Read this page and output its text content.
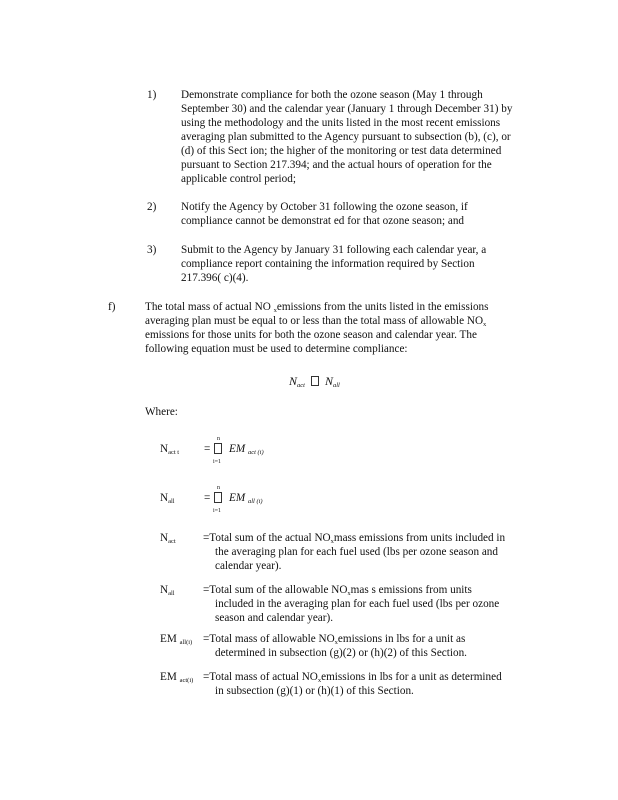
1) Demonstrate compliance for both the ozone season (May 1 through
September 30) and the calendar year (January 1 through December 31) by
using the methodology and the units listed in the most recent emissions
averaging plan submitted to the Agency pursuant to subsection (b), (c), or
(d) of this Sect ion; the higher of the monitoring or test data determined
pursuant to Section 217.394; and the actual hours of operation for the
applicable control period;
2) Notify the Agency by October 31 following the ozone season, if
compliance cannot be demonstrat ed for that ozone season; and
3) Submit to the Agency by January 31 following each calendar year, a
compliance report containing the information required by Section
217.396( c)(4).
f)	The total mass of actual NO $_x$emissions from the units listed in the emissions
averaging plan must be equal to or less than the total mass of allowable $NO_x$
emissions for those units for both the ozone season and calendar year. The
following equation must be used to determine compliance:
$N_{act}$ $N_{all}$
Where:
$N_{act t}$ =
n
i=1
EM $_{act (i)}$
$N_{all}$	=
n
i=1
EM $_{all (i)}$
$N_{act}$ =Total sum of the actual $NO_xmass$ emissions from units included in
the averaging plan for each fuel used (lbs per ozone season and
calendar year).
$N_{all}$	=Total sum of the allowable $NO_xmas$ s emissions from units
included in the averaging plan for each fuel used (lbs per ozone
season and calendar year).
EM $_{all(i)}$ =Total mass of allowable $NO_xemissions$ in lbs for a unit as
determined in subsection (g)(2) or (h)(2) of this Section.
EM $_{act(i)}$ =Total mass of actual $NO_xemissions$ in lbs for a unit as determined
in subsection (g)(1) or (h)(1) of this Section.
